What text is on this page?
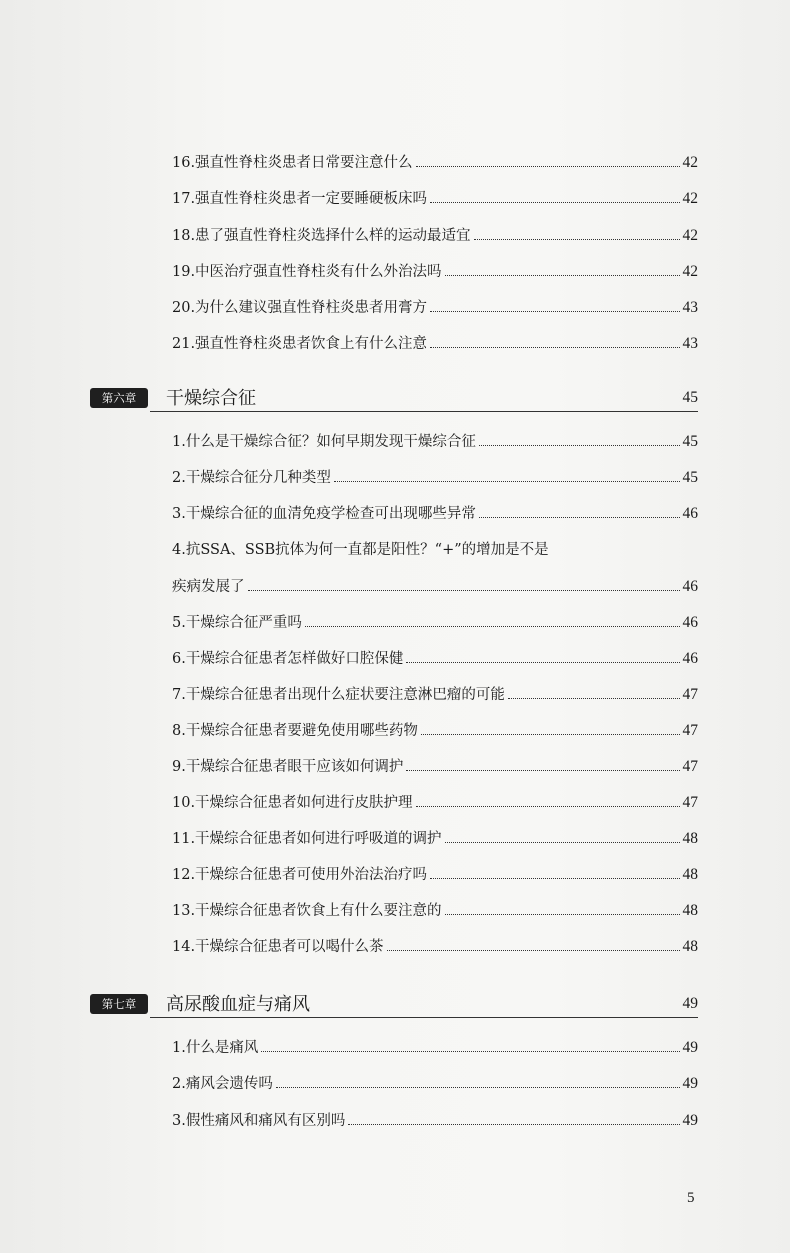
16.强直性脊柱炎患者日常要注意什么	42
17.强直性脊柱炎患者一定要睡硬板床吗	42
18.患了强直性脊柱炎选择什么样的运动最适宜	42
19.中医治疗强直性脊柱炎有什么外治法吗	42
20.为什么建议强直性脊柱炎患者用膏方	43
21.强直性脊柱炎患者饮食上有什么注意	43
第六章	干燥综合征	45
1.什么是干燥综合征？如何早期发现干燥综合征	45
2.干燥综合征分几种类型	45
3.干燥综合征的血清免疫学检查可出现哪些异常	46
4.抗SSA、SSB抗体为何一直都是阳性？“+”的增加是不是
疾病发展了	46
5.干燥综合征严重吗	46
6.干燥综合征患者怎样做好口腔保健	46
7.干燥综合征患者出现什么症状要注意淋巴瘤的可能	47
8.干燥综合征患者要避免使用哪些药物	47
9.干燥综合征患者眼干应该如何调护	47
10.干燥综合征患者如何进行皮肤护理	47
11.干燥综合征患者如何进行呼吸道的调护	48
12.干燥综合征患者可使用外治法治疗吗	48
13.干燥综合征患者饮食上有什么要注意的	48
14.干燥综合征患者可以喝什么茶	48
第七章	高尿酸血症与痛风	49
1.什么是痛风	49
2.痛风会遗传吗	49
3.假性痛风和痛风有区别吗	49
5
